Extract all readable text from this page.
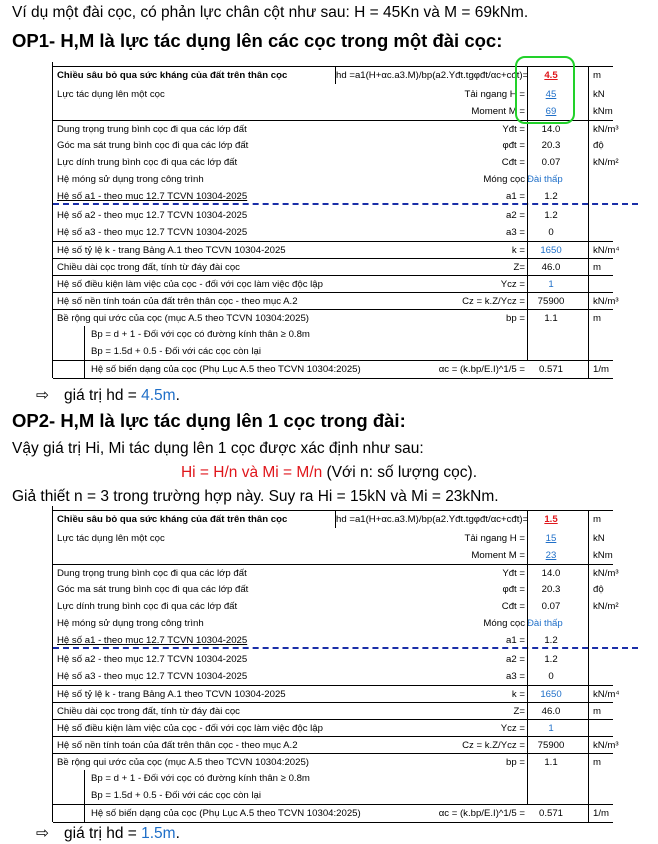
Ví dụ một đài cọc, có phản lực chân cột như sau: H = 45Kn và M = 69kNm.
OP1- H,M là lực tác dụng lên các cọc trong một đài cọc:
Chiều sâu bỏ qua sức kháng của đất trên thân cọc	hd =a1(H+αc.a3.M)/bp(a2.Yđt.tgφđt/αc+cđt)=	4.5	m
Lực tác dụng lên một cọc	Tải ngang H =	45	kN
Moment M =	69	kNm
Dung trọng trung bình cọc đi qua các lớp đất	Yđt =	14.0	kN/m³
Góc ma sát trung bình cọc đi qua các lớp đất	φđt =	20.3	độ
Lực dính trung bình cọc đi qua các lớp đất	Cđt =	0.07	kN/m²
Hệ móng sử dụng trong công trình	Móng cọc Đài thấp
Hệ số a1 - theo mục 12.7 TCVN 10304-2025	a1 =	1.2
Hệ số a2 - theo mục 12.7 TCVN 10304-2025	a2 =	1.2
Hệ số a3 - theo mục 12.7 TCVN 10304-2025	a3 =	0
Hệ số tỷ lệ k - trang Bảng A.1 theo TCVN 10304-2025	k =	1650	kN/m⁴
Chiều dài cọc trong đất, tính từ đáy đài cọc	Z=	46.0	m
Hệ số điều kiện làm việc của cọc - đối với cọc làm việc độc lập	Ycz =	1
Hệ số nền tính toán của đất trên thân cọc - theo mục A.2	Cz = k.Z/Ycz =	75900	kN/m³
Bề rộng qui ước của cọc (mục A.5 theo TCVN 10304:2025)	bp =	1.1	m
Bp = d + 1 - Đối với cọc có đường kính thân ≥ 0.8m
Bp = 1.5d + 0.5 - Đối với các cọc còn lại
Hệ số biến dạng của cọc (Phụ Lục A.5 theo TCVN 10304:2025)	αc = (k.bp/E.I)^1/5 =	0.571	1/m
⇨ giá trị hd = 4.5m.
OP2- H,M là lực tác dụng lên 1 cọc trong đài:
Vậy giá trị Hi, Mi tác dụng lên 1 cọc được xác định như sau:
Hi = H/n và Mi = M/n (Với n: số lượng cọc).
Giả thiết n = 3 trong trường hợp này. Suy ra Hi = 15kN và Mi = 23kNm.
Chiều sâu bỏ qua sức kháng của đất trên thân cọc	hd =a1(H+αc.a3.M)/bp(a2.Yđt.tgφđt/αc+cđt)=	1.5	m
Lực tác dụng lên một cọc	Tải ngang H =	15	kN
Moment M =	23	kNm
Dung trọng trung bình cọc đi qua các lớp đất	Yđt =	14.0	kN/m³
Góc ma sát trung bình cọc đi qua các lớp đất	φđt =	20.3	độ
Lực dính trung bình cọc đi qua các lớp đất	Cđt =	0.07	kN/m²
Hệ móng sử dụng trong công trình	Móng cọc Đài thấp
Hệ số a1 - theo mục 12.7 TCVN 10304-2025	a1 =	1.2
Hệ số a2 - theo mục 12.7 TCVN 10304-2025	a2 =	1.2
Hệ số a3 - theo mục 12.7 TCVN 10304-2025	a3 =	0
Hệ số tỷ lệ k - trang Bảng A.1 theo TCVN 10304-2025	k =	1650	kN/m⁴
Chiều dài cọc trong đất, tính từ đáy đài cọc	Z=	46.0	m
Hệ số điều kiện làm việc của cọc - đối với cọc làm việc độc lập	Ycz =	1
Hệ số nền tính toán của đất trên thân cọc - theo mục A.2	Cz = k.Z/Ycz =	75900	kN/m³
Bề rộng qui ước của cọc (mục A.5 theo TCVN 10304:2025)	bp =	1.1	m
Bp = d + 1 - Đối với cọc có đường kính thân ≥ 0.8m
Bp = 1.5d + 0.5 - Đối với các cọc còn lại
Hệ số biến dạng của cọc (Phụ Lục A.5 theo TCVN 10304:2025)	αc = (k.bp/E.I)^1/5 =	0.571	1/m
⇨ giá trị hd = 1.5m.
